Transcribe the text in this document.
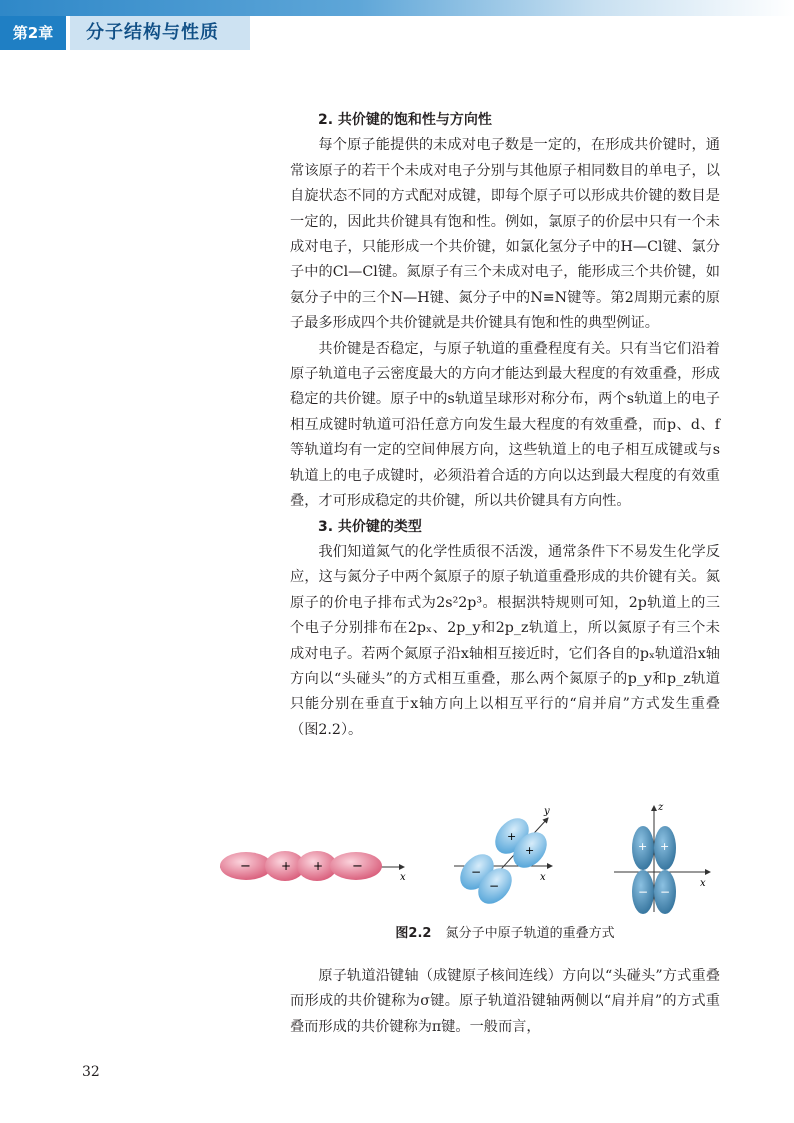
第2章	分子结构与性质
2. 共价键的饱和性与方向性

每个原子能提供的未成对电子数是一定的，在形成共价键时，通常该原子的若干个未成对电子分别与其他原子相同数目的单电子，以自旋状态不同的方式配对成键，即每个原子可以形成共价键的数目是一定的，因此共价键具有饱和性。例如，氯原子的价层中只有一个未成对电子，只能形成一个共价键，如氯化氢分子中的H—Cl键、氯分子中的Cl—Cl键。氮原子有三个未成对电子，能形成三个共价键，如氨分子中的三个N—H键、氮分子中的N≡N键等。第2周期元素的原子最多形成四个共价键就是共价键具有饱和性的典型例证。

共价键是否稳定，与原子轨道的重叠程度有关。只有当它们沿着原子轨道电子云密度最大的方向才能达到最大程度的有效重叠，形成稳定的共价键。原子中的s轨道呈球形对称分布，两个s轨道上的电子相互成键时轨道可沿任意方向发生最大程度的有效重叠，而p、d、f等轨道均有一定的空间伸展方向，这些轨道上的电子相互成键或与s轨道上的电子成键时，必须沿着合适的方向以达到最大程度的有效重叠，才可形成稳定的共价键，所以共价键具有方向性。

3. 共价键的类型

我们知道氮气的化学性质很不活泼，通常条件下不易发生化学反应，这与氮分子中两个氮原子的原子轨道重叠形成的共价键有关。氮原子的价电子排布式为2s²2p³。根据洪特规则可知，2p轨道上的三个电子分别排布在2pₓ、2p_y和2p_z轨道上，所以氮原子有三个未成对电子。若两个氮原子沿x轴相互接近时，它们各自的pₓ轨道沿x轴方向以“头碰头”的方式相互重叠，那么两个氮原子的p_y和p_z轨道只能分别在垂直于x轴方向上以相互平行的“肩并肩”方式发生重叠（图2.2）。

−	+ + −
x
+
+
−
−
y
x
+ +
− −
z
x
图2.2 氮分子中原子轨道的重叠方式

原子轨道沿键轴（成键原子核间连线）方向以“头碰头”方式重叠而形成的共价键称为σ键。原子轨道沿键轴两侧以“肩并肩”的方式重叠而形成的共价键称为π键。一般而言，

32
